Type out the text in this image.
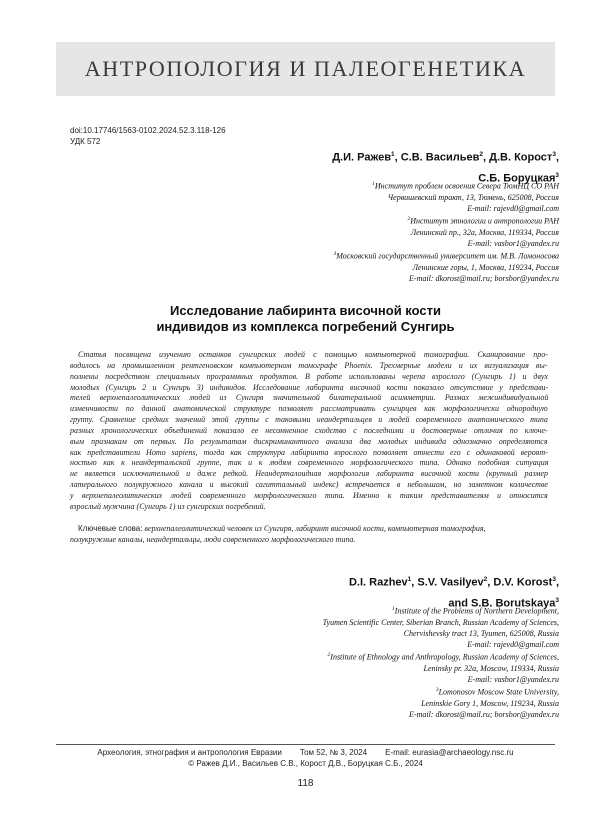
АНТРОПОЛОГИЯ И ПАЛЕОГЕНЕТИКА
doi:10.17746/1563-0102.2024.52.3.118-126
УДК 572
Д.И. Ражев$^1$, С.В. Васильев$^2$, Д.В. Корост$^3$,
С.Б. Боруцкая$^3$
$^1$Институт проблем освоения Севера ТюмНЦ СО РАН
Червишевский тракт, 13, Тюмень, 625008, Россия
E-mail: rajevd0@gmail.com
$^2$Институт этнологии и антропологии РАН
Ленинский пр., 32а, Москва, 119334, Россия
E-mail: vasbor1@yandex.ru
$^3$Московский государственный университет им. М.В. Ломоносова
Ленинские горы, 1, Москва, 119234, Россия
E-mail: dkorost@mail.ru; borsbor@yandex.ru
Исследование лабиринта височной кости
индивидов из комплекса погребений Сунгирь
Статья посвящена изучению останков сунгирских людей с помощью компьютерной томографии. Сканирование про-
водилось на промышленном рентгеновском компьютерном томографе Phoenix. Трехмерные модели и их визуализация вы-
полнены посредством специальных программных продуктов. В работе использованы черепа взрослого (Сунгирь 1) и двух
молодых (Сунгирь 2 и Сунгирь 3) индивидов. Исследование лабиринта височной кости показало отсутствие у представи-
телей верхнепалеолитических людей из Сунгиря значительной билатеральной асимметрии. Размах межиндивидуальной
изменчивости по данной анатомической структуре позволяет рассматривать сунгирцев как морфологически однородную
группу. Сравнение средних значений этой группы с таковыми неандертальцев и людей современного анатомического типа
разных хронологических объединений показало ее несомненное сходство с последними и достоверные отличия по ключе-
вым признакам от первых. По результатам дискриминантного анализа два молодых индивида однозначно определяются
как представители Homo sapiens, тогда как структура лабиринта взрослого позволяет отнести его с одинаковой вероят-
ностью как к неандертальской группе, так и к людям современного морфологического типа. Однако подобная ситуация
не является исключительной и даже редкой. Неандерталоидная морфология лабиринта височной кости (крупный размер
латерального полукружного канала и высокий сагиттальный индекс) встречается в небольшом, но заметном количестве
у верхнепалеолитических людей современного морфологического типа. Именно к таким представителям и относится
взрослый мужчина (Сунгирь 1) из сунгирских погребений.
Ключевые слова: верхнепалеолитический человек из Сунгиря, лабиринт височной кости, компьютерная томография,
полукружные каналы, неандертальцы, люди современного морфологического типа.
D.I. Razhev$^1$, S.V. Vasilyev$^2$, D.V. Korost$^3$,
and S.B. Borutskaya$^3$
$^1$Institute of the Problems of Northern Development,
Tyumen Scientific Center, Siberian Branch, Russian Academy of Sciences,
Chervishevsky tract 13, Tyumen, 625008, Russia
E-mail: rajevd0@gmail.com
$^2$Institute of Ethnology and Anthropology, Russian Academy of Sciences,
Leninsky pr. 32a, Moscow, 119334, Russia
E-mail: vasbor1@yandex.ru
$^3$Lomonosov Moscow State University,
Leninskie Gory 1, Moscow, 119234, Russia
E-mail: dkorost@mail.ru; borsbor@yandex.ru
Археология, этнография и антропология Евразии Том 52, № 3, 2024 E-mail: eurasia@archaeology.nsc.ru
© Ражев Д.И., Васильев С.В., Корост Д.В., Боруцкая С.Б., 2024
118
